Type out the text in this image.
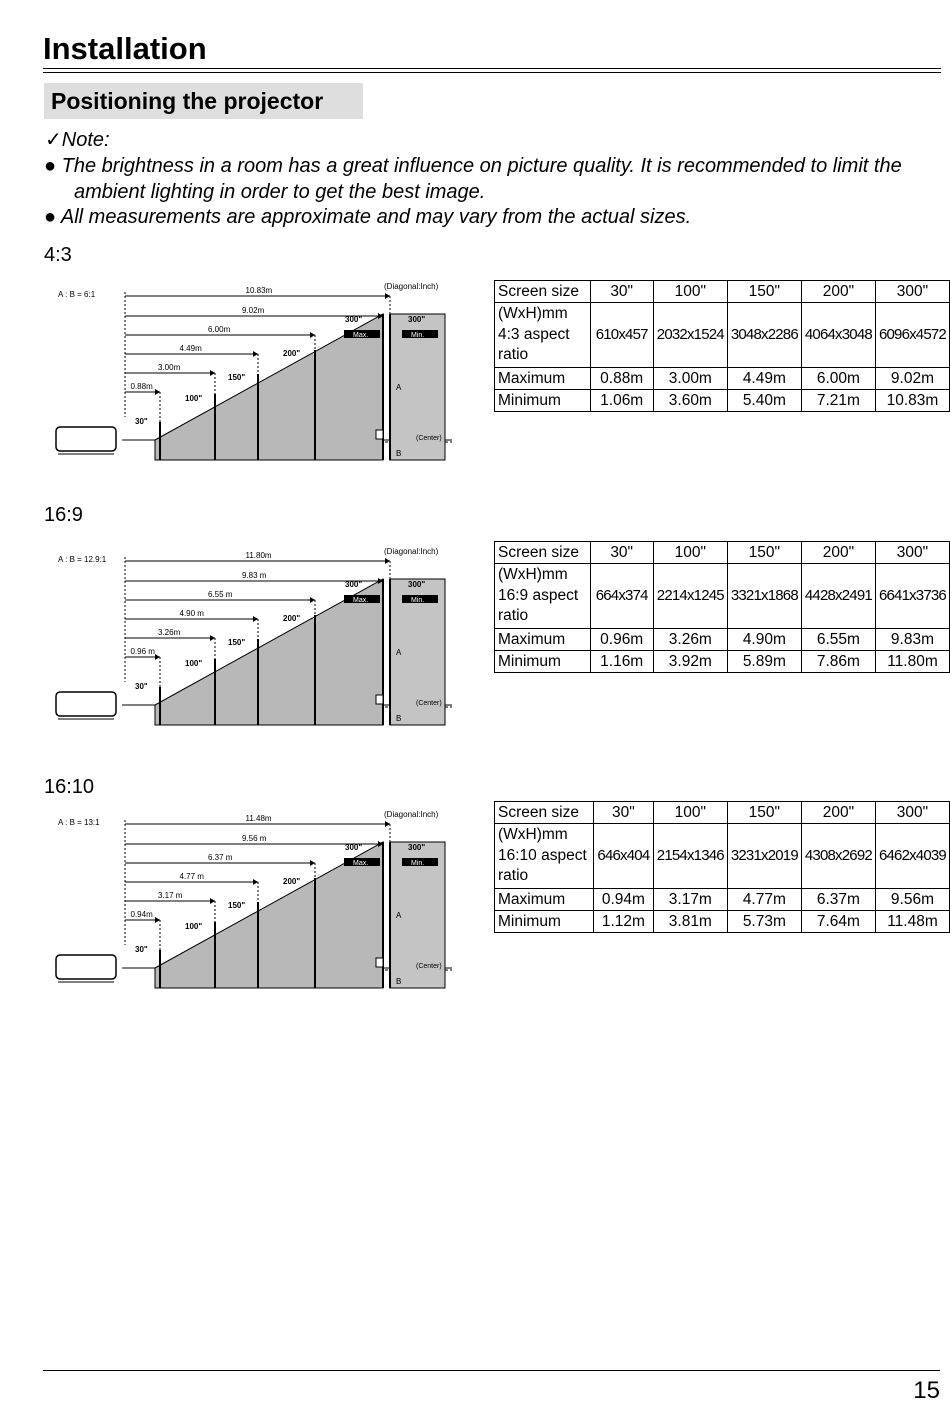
Installation
Positioning the projector
✓Note:
● The brightness in a room has a great influence on picture quality. It is recommended to limit the
ambient lighting in order to get the best image.
● All measurements are approximate and may vary from the actual sizes.
4:3
0.88m
3.00m
4.49m
6.00m
9.02m
10.83m
30"
100"
150"
200"
300"	300"
Max.	Min.
(Diagonal:Inch)
A : B = 6:1
A
B
(Center)
Screen size	30"	100"	150"	200"	300"
(WxH)mm
4:3 aspect
ratio	610x457	2032x1524	3048x2286	4064x3048	6096x4572
Maximum	0.88m	3.00m	4.49m	6.00m	9.02m
Minimum	1.06m	3.60m	5.40m	7.21m	10.83m
16:9
0.96 m
3.26m
4.90 m
6.55 m
9.83 m
11.80m
30"
100"
150"
200"
300"	300"
Max.	Min.
(Diagonal:Inch)
A : B = 12.9:1
A
B
(Center)
Screen size	30"	100"	150"	200"	300"
(WxH)mm
16:9 aspect
ratio	664x374	2214x1245	3321x1868	4428x2491	6641x3736
Maximum	0.96m	3.26m	4.90m	6.55m	9.83m
Minimum	1.16m	3.92m	5.89m	7.86m	11.80m
16:10
0.94m
3.17 m
4.77 m
6.37 m
9.56 m
11.48m
30"
100"
150"
200"
300"	300"
Max.	Min.
(Diagonal:Inch)
A : B = 13:1
A
B
(Center)
Screen size	30"	100"	150"	200"	300"
(WxH)mm
16:10 aspect
ratio	646x404	2154x1346	3231x2019	4308x2692	6462x4039
Maximum	0.94m	3.17m	4.77m	6.37m	9.56m
Minimum	1.12m	3.81m	5.73m	7.64m	11.48m
15
